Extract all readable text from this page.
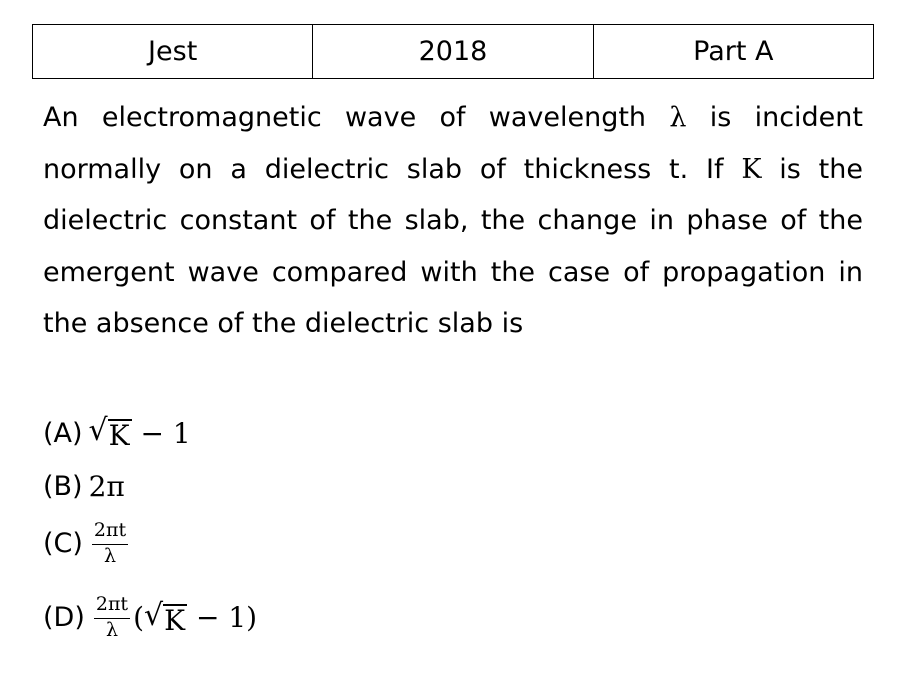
Jest	2018	Part A

An electromagnetic wave of wavelength λ is incident normally on a dielectric slab of thickness t. If K is the dielectric constant of the slab, the change in phase of the emergent wave compared with the case of propagation in the absence of the dielectric slab is

(A) √ K − 1
(B) 2π
$(C) \frac{2\pi t}{\lambda}$
$(D) \frac{2\pi t}{\lambda}$ ( √ K − 1)
